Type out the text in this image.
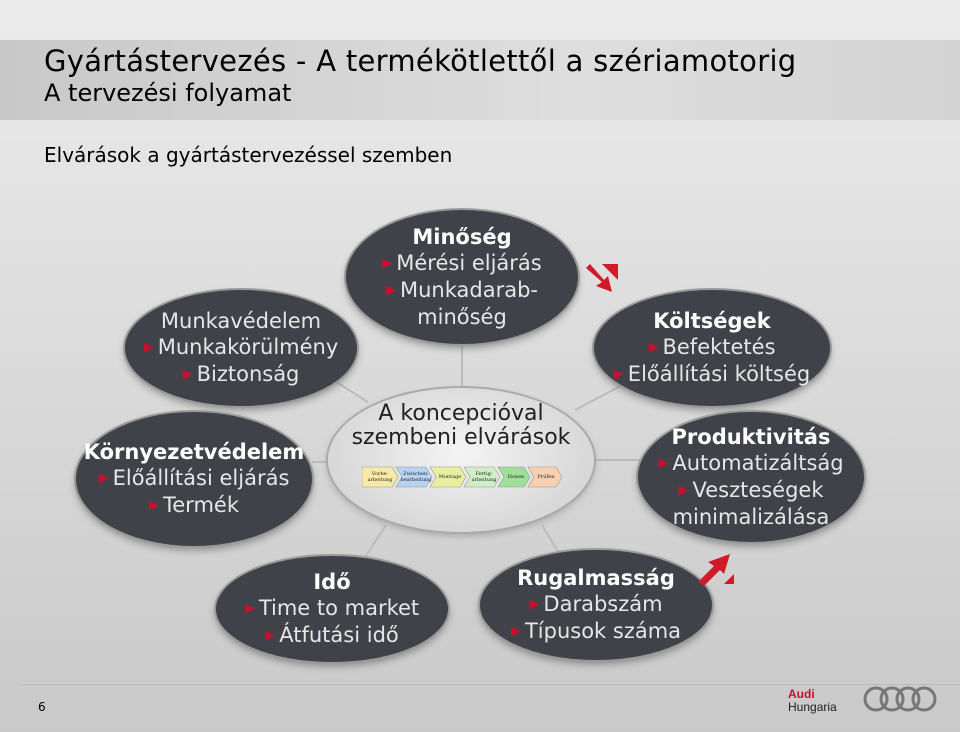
Gyártástervezés - A termékötlettől a szériamotorig
A tervezési folyamat
Elvárások a gyártástervezéssel szemben
Minőség
▶ Mérési eljárás
▶ Munkadarab-
minőség
Munkavédelem
▶ Munkakörülmény
▶ Biztonság
Költségek
▶ Befektetés
▶ Előállítási költség
Környezetvédelem
▶ Előállítási eljárás
▶ Termék
Produktivitás
▶ Automatizáltság
▶ Veszteségek
minimalizálása
Idő
▶ Time to market
▶ Átfutási idő
Rugalmasság
▶ Darabszám
▶ Típusok száma
A koncepcióval
szembeni elvárások
Vorbe-arbeitung
Zwischen-bearbeitung	Montage	Fertig-arbeitung	Honen	Prüfen
6
Audi
Hungaria
